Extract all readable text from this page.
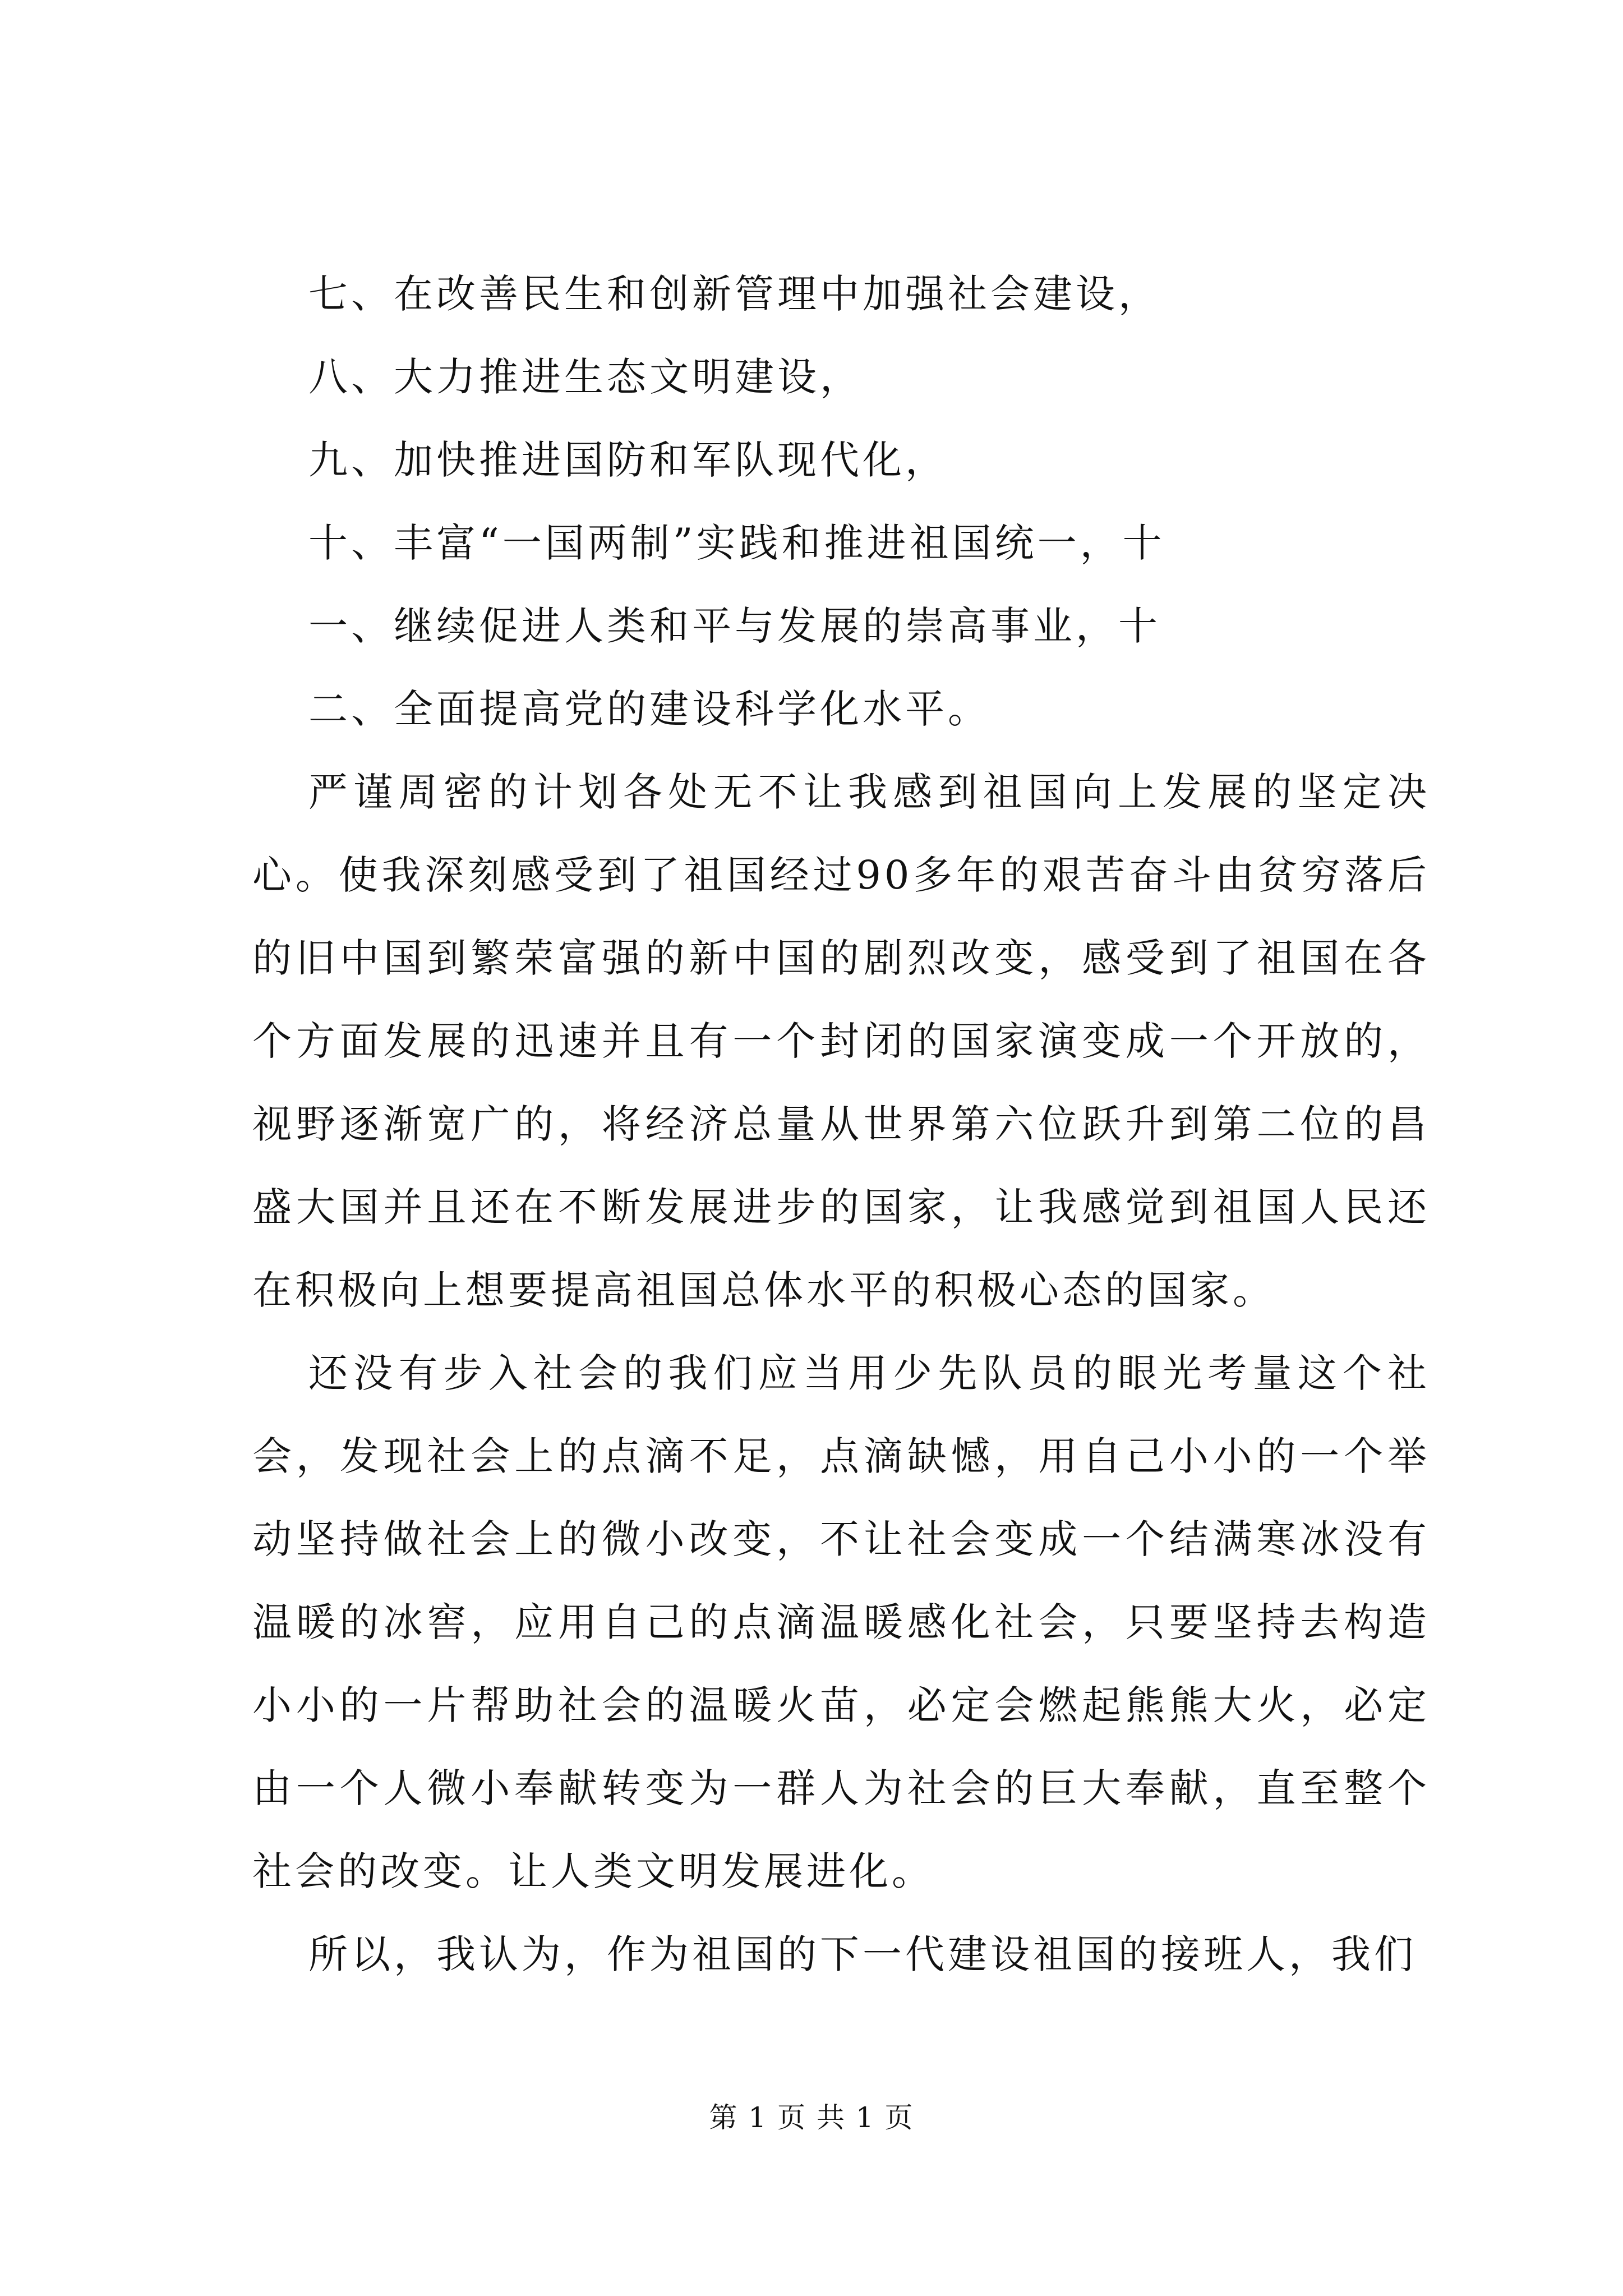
七、在改善民生和创新管理中加强社会建设，
八、大力推进生态文明建设，
九、加快推进国防和军队现代化，
十、丰富“一国两制”实践和推进祖国统一，十
一、继续促进人类和平与发展的崇高事业，十
二、全面提高党的建设科学化水平。

严谨周密的计划各处无不让我感到祖国向上发展的坚定决心。使我深刻感受到了祖国经过90多年的艰苦奋斗由贫穷落后的旧中国到繁荣富强的新中国的剧烈改变，感受到了祖国在各个方面发展的迅速并且有一个封闭的国家演变成一个开放的，视野逐渐宽广的，将经济总量从世界第六位跃升到第二位的昌盛大国并且还在不断发展进步的国家，让我感觉到祖国人民还在积极向上想要提高祖国总体水平的积极心态的国家。

还没有步入社会的我们应当用少先队员的眼光考量这个社会，发现社会上的点滴不足，点滴缺憾，用自己小小的一个举动坚持做社会上的微小改变，不让社会变成一个结满寒冰没有温暖的冰窖，应用自己的点滴温暖感化社会，只要坚持去构造小小的一片帮助社会的温暖火苗，必定会燃起熊熊大火，必定由一个人微小奉献转变为一群人为社会的巨大奉献，直至整个社会的改变。让人类文明发展进化。

所以，我认为，作为祖国的下一代建设祖国的接班人，我们

第 1 页 共 1 页
